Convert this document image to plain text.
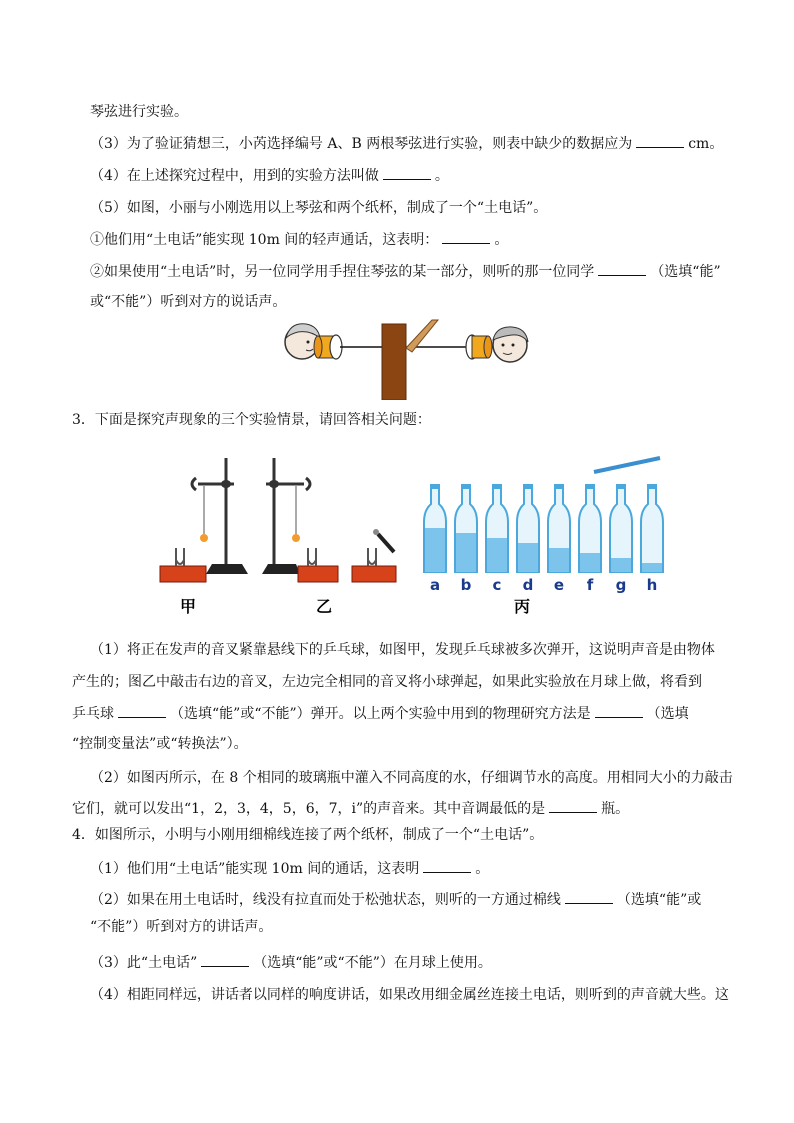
琴弦进行实验。
（3）为了验证猜想三，小芮选择编号 A、B 两根琴弦进行实验，则表中缺少的数据应为	cm。
（4）在上述探究过程中，用到的实验方法叫做	。
（5）如图，小丽与小刚选用以上琴弦和两个纸杯，制成了一个“土电话”。
①他们用“土电话”能实现 10m 间的轻声通话，这表明：	。
②如果使用“土电话”时，另一位同学用手捏住琴弦的某一部分，则听的那一位同学	（选填“能”
或“不能”）听到对方的说话声。
3．下面是探究声现象的三个实验情景，请回答相关问题：
a b c d e f g h
甲	乙	丙
（1）将正在发声的音叉紧靠悬线下的乒乓球，如图甲，发现乒乓球被多次弹开，这说明声音是由物体
产生的；图乙中敲击右边的音叉，左边完全相同的音叉将小球弹起，如果此实验放在月球上做，将看到
乒乓球	（选填“能”或“不能”）弹开。以上两个实验中用到的物理研究方法是	（选填
“控制变量法”或“转换法”）。
（2）如图丙所示，在 8 个相同的玻璃瓶中灌入不同高度的水，仔细调节水的高度。用相同大小的力敲击
它们，就可以发出“1，2，3，4，5，6，7，i”的声音来。其中音调最低的是	瓶。
4．如图所示，小明与小刚用细棉线连接了两个纸杯，制成了一个“土电话”。
（1）他们用“土电话”能实现 10m 间的通话，这表明	。
（2）如果在用土电话时，线没有拉直而处于松弛状态，则听的一方通过棉线	（选填“能”或
“不能”）听到对方的讲话声。
（3）此“土电话”	（选填“能”或“不能”）在月球上使用。
（4）相距同样远，讲话者以同样的响度讲话，如果改用细金属丝连接土电话，则听到的声音就大些。这
